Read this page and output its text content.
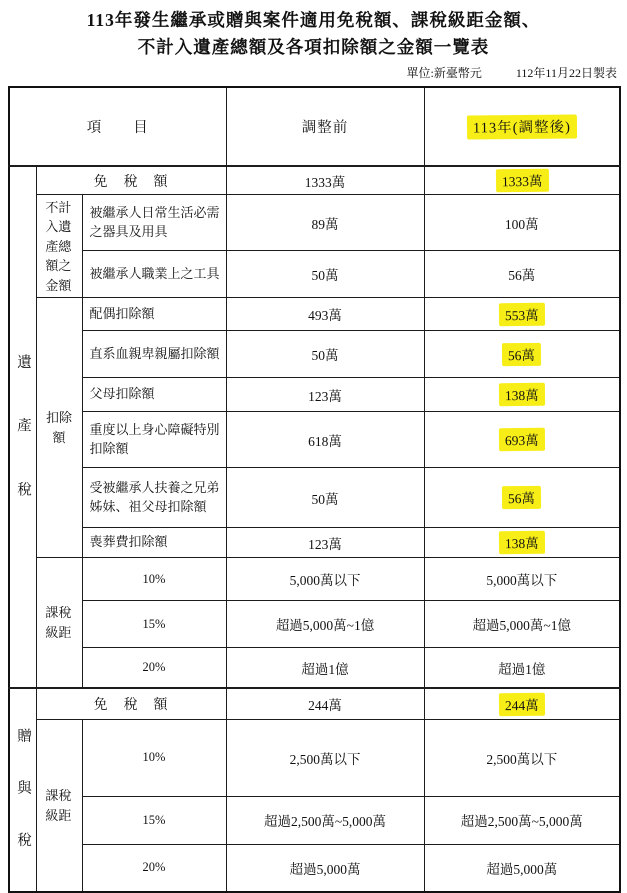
113年發生繼承或贈與案件適用免稅額、課稅級距金額、
不計入遺產總額及各項扣除額之金額一覽表
單位:新臺幣元	112年11月22日製表
項　　目			調整前	113年(調整後)
遺產稅	免　稅　額		1333萬	1333萬

	不計入遺產總額之金額	被繼承人日常生活必需之器具及用具	89萬	100萬
		被繼承人職業上之工具	50萬	56萬

	扣除額	配偶扣除額	493萬	553萬
		直系血親卑親屬扣除額	50萬	56萬
		父母扣除額	123萬	138萬
		重度以上身心障礙特別扣除額	618萬	693萬
		受被繼承人扶養之兄弟姊妹、祖父母扣除額	50萬	56萬
		喪葬費扣除額	123萬	138萬

	課稅級距	10%	5,000萬以下	5,000萬以下
		15%	超過5,000萬~1億	超過5,000萬~1億
		20%	超過1億	超過1億
贈與稅	免　稅　額		244萬	244萬

	課稅級距	10%	2,500萬以下	2,500萬以下
		15%	超過2,500萬~5,000萬	超過2,500萬~5,000萬
		20%	超過5,000萬	超過5,000萬
